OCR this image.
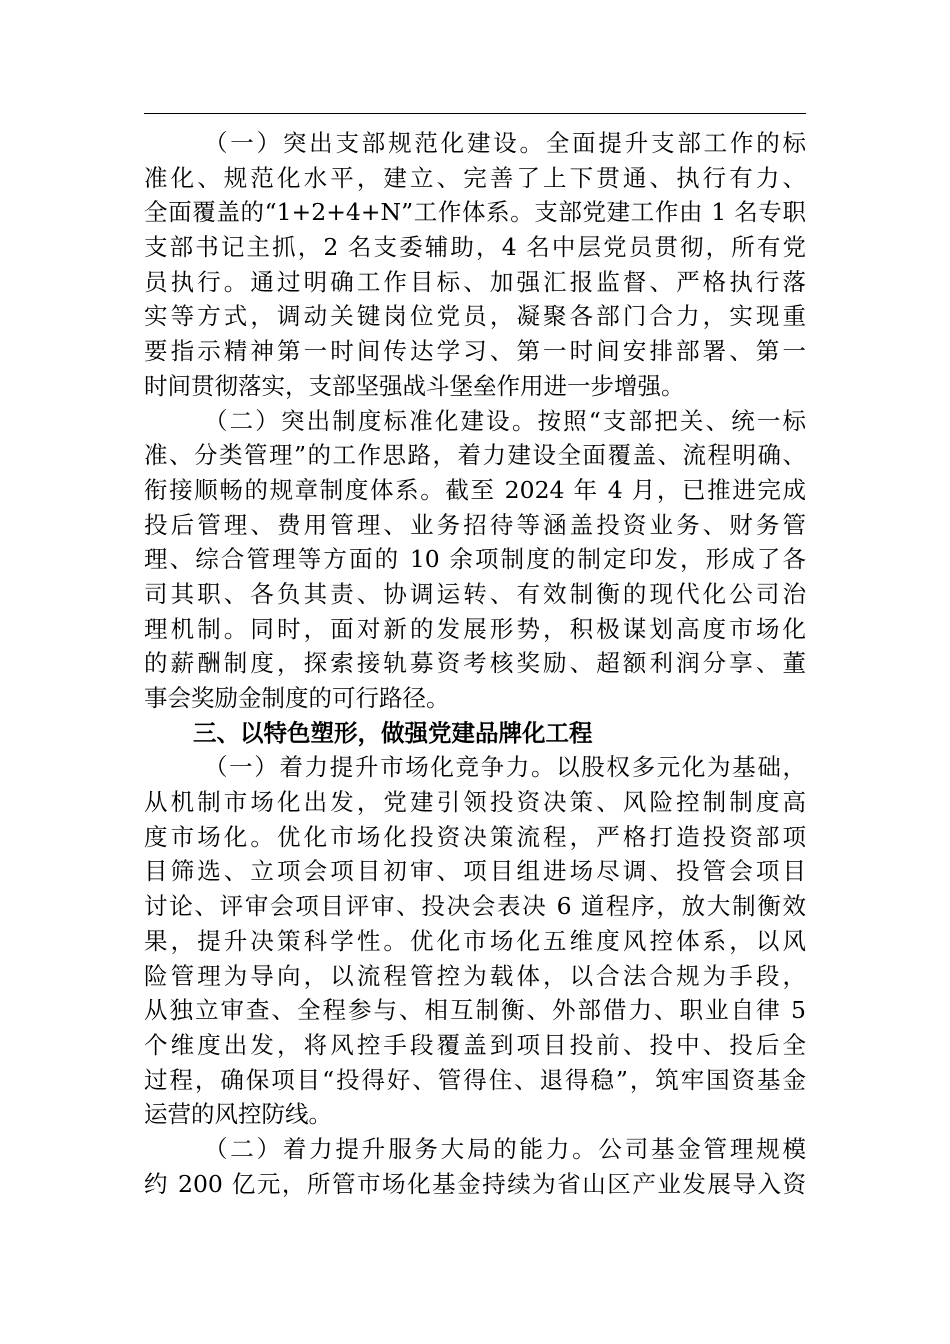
（一）突出支部规范化建设。全面提升支部工作的标
准化、规范化水平，建立、完善了上下贯通、执行有力、
全面覆盖的“1+2+4+N”工作体系。支部党建工作由 1 名专职
支部书记主抓，2 名支委辅助，4 名中层党员贯彻，所有党
员执行。通过明确工作目标、加强汇报监督、严格执行落
实等方式，调动关键岗位党员，凝聚各部门合力，实现重
要指示精神第一时间传达学习、第一时间安排部署、第一
时间贯彻落实，支部坚强战斗堡垒作用进一步增强。
（二）突出制度标准化建设。按照“支部把关、统一标
准、分类管理”的工作思路，着力建设全面覆盖、流程明确、
衔接顺畅的规章制度体系。截至 2024 年 4 月，已推进完成
投后管理、费用管理、业务招待等涵盖投资业务、财务管
理、综合管理等方面的 10 余项制度的制定印发，形成了各
司其职、各负其责、协调运转、有效制衡的现代化公司治
理机制。同时，面对新的发展形势，积极谋划高度市场化
的薪酬制度，探索接轨募资考核奖励、超额利润分享、董
事会奖励金制度的可行路径。
三、以特色塑形，做强党建品牌化工程
（一）着力提升市场化竞争力。以股权多元化为基础，
从机制市场化出发，党建引领投资决策、风险控制制度高
度市场化。优化市场化投资决策流程，严格打造投资部项
目筛选、立项会项目初审、项目组进场尽调、投管会项目
讨论、评审会项目评审、投决会表决 6 道程序，放大制衡效
果，提升决策科学性。优化市场化五维度风控体系，以风
险管理为导向，以流程管控为载体，以合法合规为手段，
从独立审查、全程参与、相互制衡、外部借力、职业自律 5
个维度出发，将风控手段覆盖到项目投前、投中、投后全
过程，确保项目“投得好、管得住、退得稳”，筑牢国资基金
运营的风控防线。
（二）着力提升服务大局的能力。公司基金管理规模
约 200 亿元，所管市场化基金持续为省山区产业发展导入资
